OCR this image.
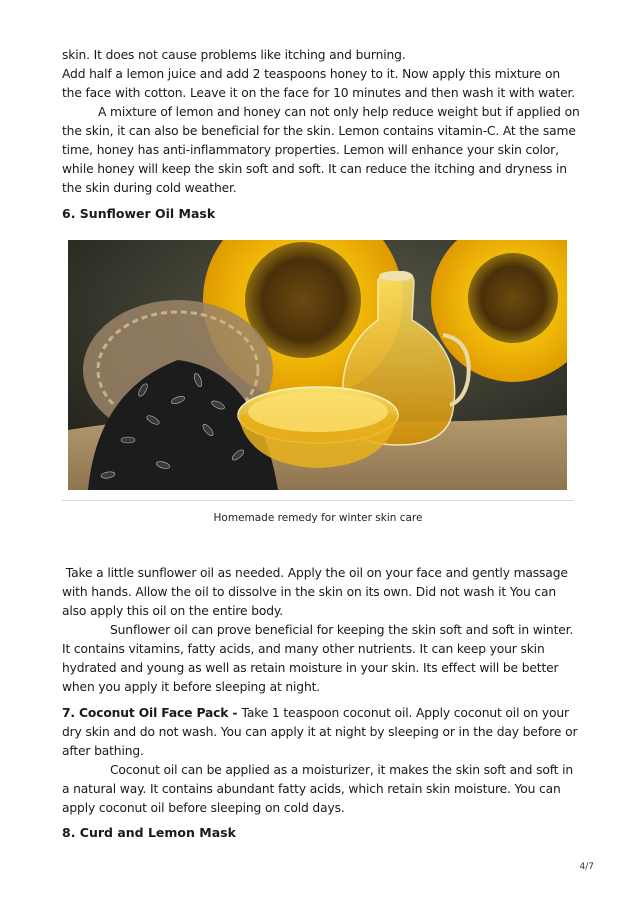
skin. It does not cause problems like itching and burning.

Add half a lemon juice and add 2 teaspoons honey to it. Now apply this mixture on the face with cotton. Leave it on the face for 10 minutes and then wash it with water.

A mixture of lemon and honey can not only help reduce weight but if applied on the skin, it can also be beneficial for the skin. Lemon contains vitamin-C. At the same time, honey has anti-inflammatory properties. Lemon will enhance your skin color, while honey will keep the skin soft and soft. It can reduce the itching and dryness in the skin during cold weather.

6. Sunflower Oil Mask
Homemade remedy for winter skin care

Take a little sunflower oil as needed. Apply the oil on your face and gently massage with hands. Allow the oil to dissolve in the skin on its own. Did not wash it You can also apply this oil on the entire body.

Sunflower oil can prove beneficial for keeping the skin soft and soft in winter. It contains vitamins, fatty acids, and many other nutrients. It can keep your skin hydrated and young as well as retain moisture in your skin. Its effect will be better when you apply it before sleeping at night.

7. Coconut Oil Face Pack - Take 1 teaspoon coconut oil. Apply coconut oil on your dry skin and do not wash. You can apply it at night by sleeping or in the day before or after bathing.

Coconut oil can be applied as a moisturizer, it makes the skin soft and soft in a natural way. It contains abundant fatty acids, which retain skin moisture. You can apply coconut oil before sleeping on cold days.

8. Curd and Lemon Mask
4/7
